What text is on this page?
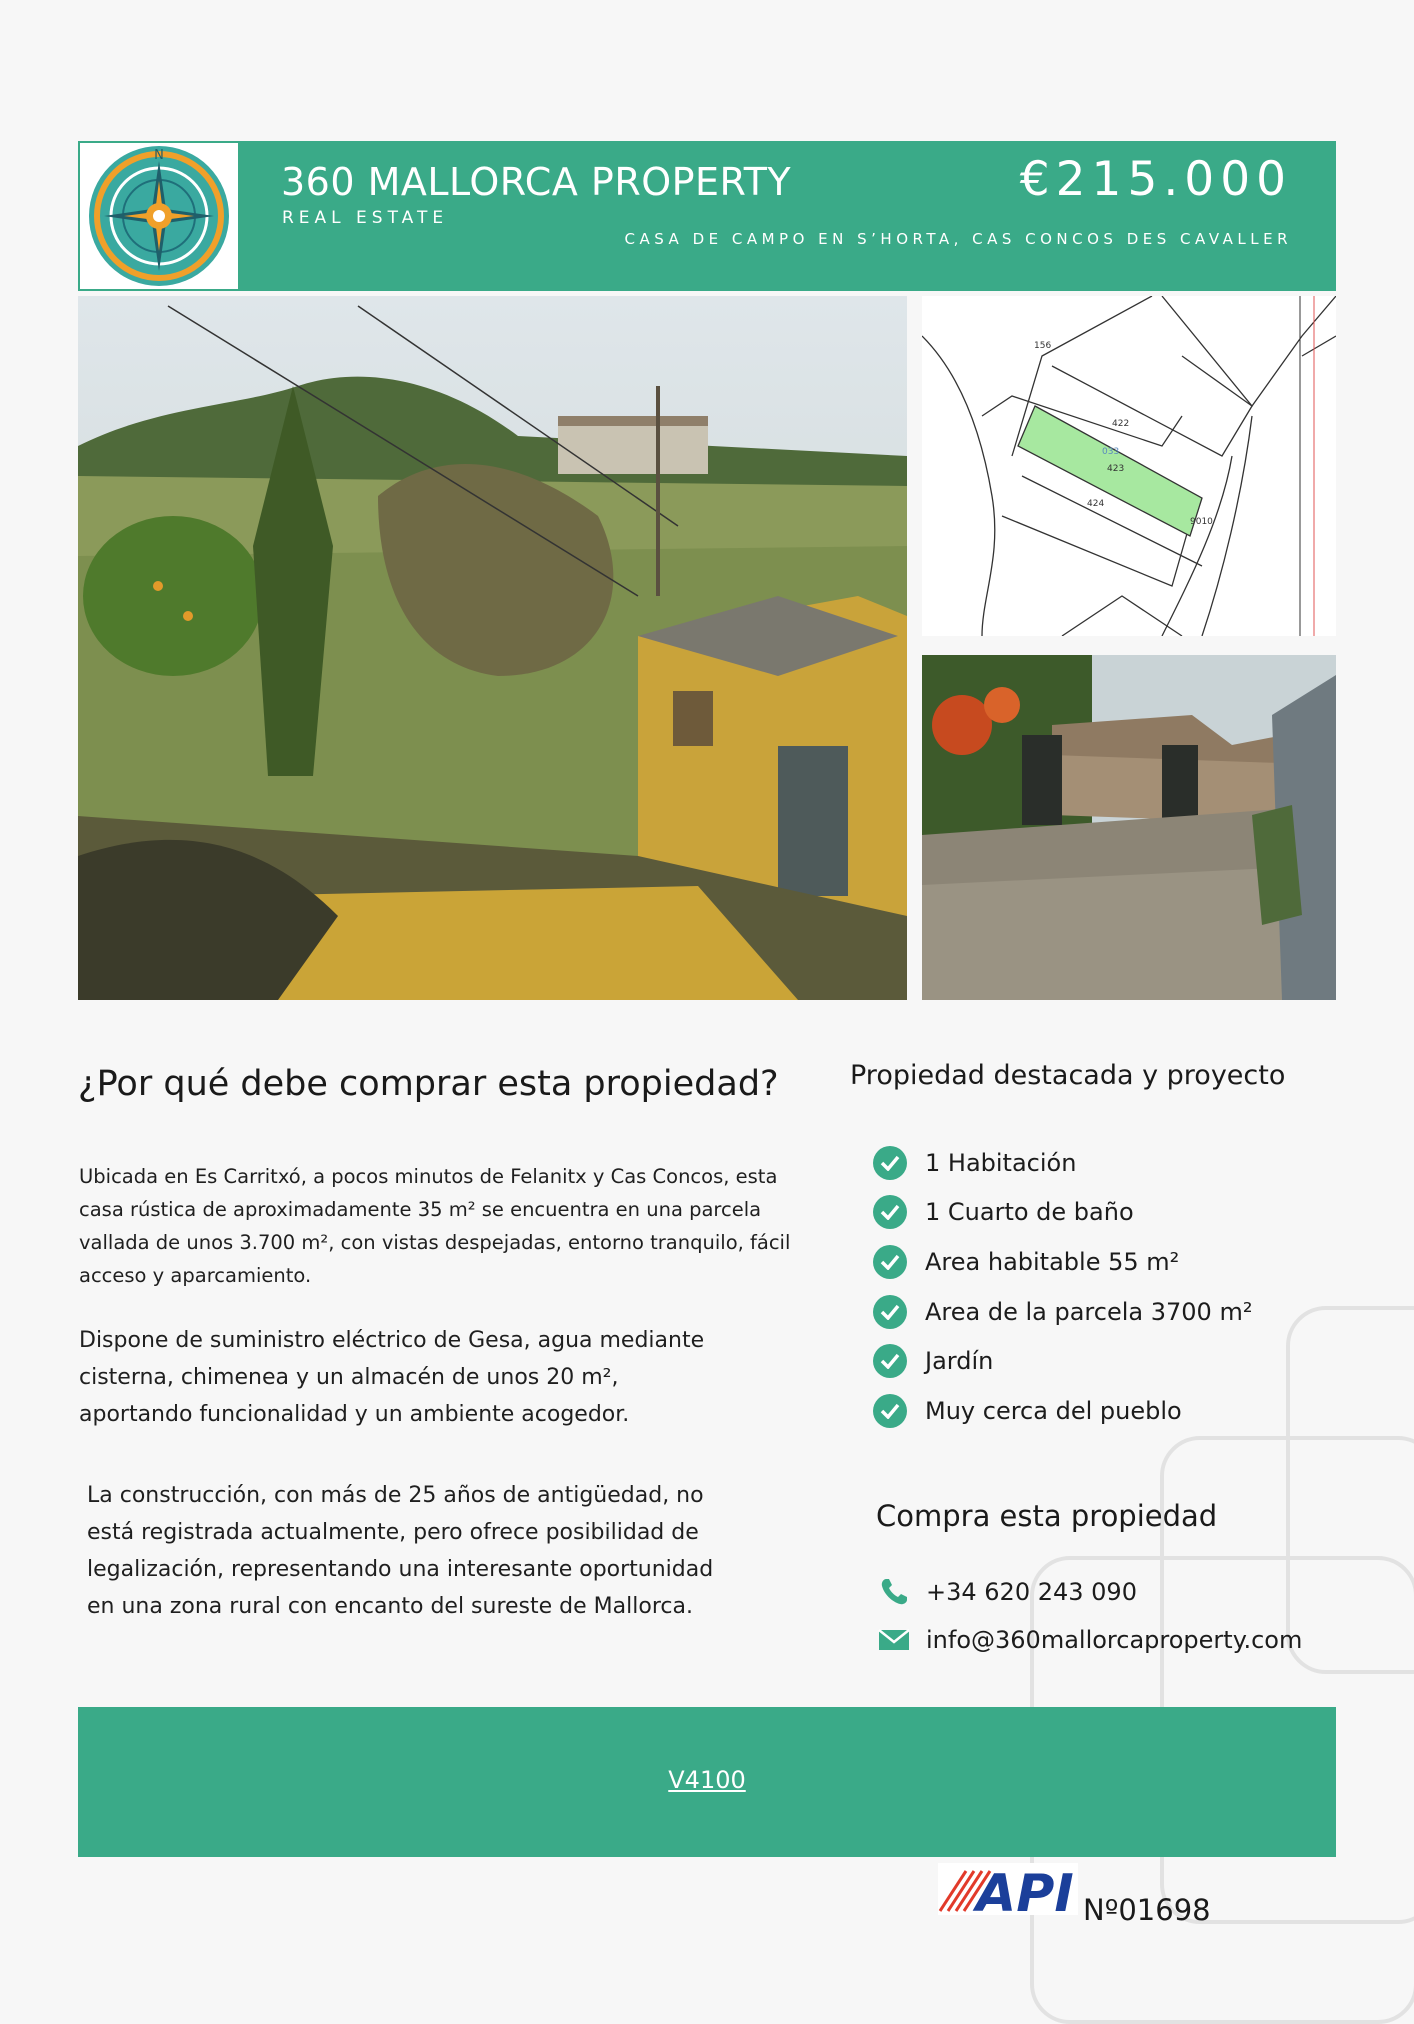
N
360 MALLORCA PROPERTY
REAL ESTATE
€215.000
CASA DE CAMPO EN S’HORTA, CAS CONCOS DES CAVALLER
422
423
424
156
033
9010
¿Por qué debe comprar esta propiedad?
Ubicada en Es Carritxó, a pocos minutos de Felanitx y Cas Concos, esta casa rústica de aproximadamente 35 m² se encuentra en una parcela vallada de unos 3.700 m², con vistas despejadas, entorno tranquilo, fácil acceso y aparcamiento.
Dispone de suministro eléctrico de Gesa, agua mediante cisterna, chimenea y un almacén de unos 20 m², aportando funcionalidad y un ambiente acogedor.
La construcción, con más de 25 años de antigüedad, no está registrada actualmente, pero ofrece posibilidad de legalización, representando una interesante oportunidad en una zona rural con encanto del sureste de Mallorca.
Propiedad destacada y proyecto
1 Habitación
1 Cuarto de baño
Area habitable 55 m²
Area de la parcela 3700 m²
Jardín
Muy cerca del pueblo
Compra esta propiedad
+34 620 243 090
info@360mallorcaproperty.com
V4100
API Nº01698
